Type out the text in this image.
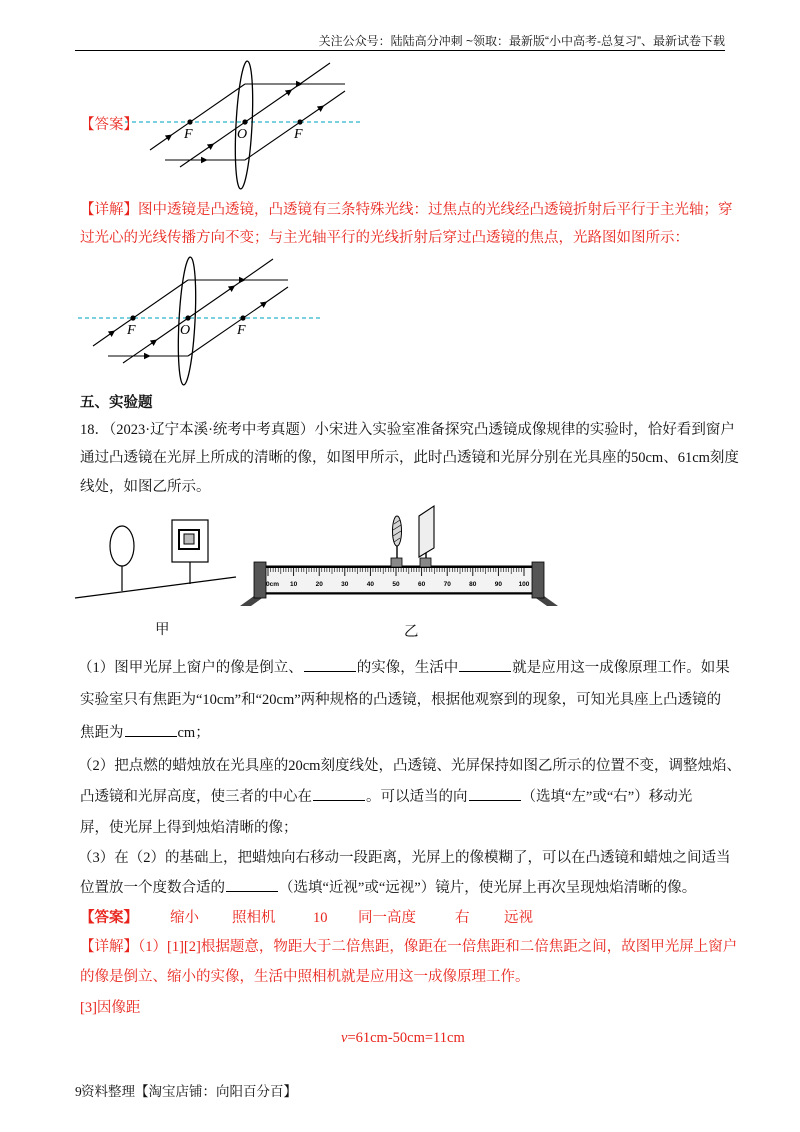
关注公众号：陆陆高分冲刺 ~领取：最新版“小中高考-总复习”、最新试卷下载
F	O	F
F	O	F
0cm 10	20	30	40	50	60	70	80	90	100
【答案】
【详解】图中透镜是凸透镜，凸透镜有三条特殊光线：过焦点的光线经凸透镜折射后平行于主光轴；穿
过光心的光线传播方向不变；与主光轴平行的光线折射后穿过凸透镜的焦点，光路图如图所示：
五、实验题
18．（2023·辽宁本溪·统考中考真题）小宋进入实验室准备探究凸透镜成像规律的实验时，恰好看到窗户
通过凸透镜在光屏上所成的清晰的像，如图甲所示，此时凸透镜和光屏分别在光具座的50cm、61cm刻度
线处，如图乙所示。
甲	乙
（1）图甲光屏上窗户的像是倒立、	的实像，生活中	就是应用这一成像原理工作。如果
实验室只有焦距为“10cm”和“20cm”两种规格的凸透镜，根据他观察到的现象，可知光具座上凸透镜的
焦距为	cm；
（2）把点燃的蜡烛放在光具座的20cm刻度线处，凸透镜、光屏保持如图乙所示的位置不变，调整烛焰、
凸透镜和光屏高度，使三者的中心在	。可以适当的向	（选填“左”或“右”）移动光
屏，使光屏上得到烛焰清晰的像；
（3）在（2）的基础上，把蜡烛向右移动一段距离，光屏上的像模糊了，可以在凸透镜和蜡烛之间适当
位置放一个度数合适的	（选填“近视”或“远视”）镜片，使光屏上再次呈现烛焰清晰的像。
【答案】 缩小 照相机	10 同一高度	右 远视
【详解】（1）[1][2]根据题意，物距大于二倍焦距，像距在一倍焦距和二倍焦距之间，故图甲光屏上窗户
的像是倒立、缩小的实像，生活中照相机就是应用这一成像原理工作。
[3]因像距
v=61cm-50cm=11cm
9 资料整理【淘宝店铺：向阳百分百】
